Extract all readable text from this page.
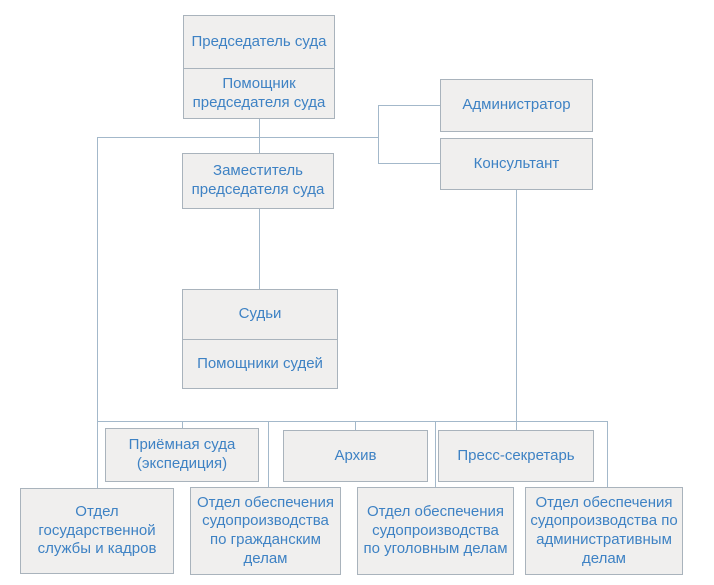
Председатель суда
Помощник председателя суда	Администратор
Консультант
Заместитель председателя суда
Судьи
Помощники судей
Приёмная суда (экспедиция)	Архив	Пресс-секретарь
Отдел государственной службы и кадров
Отдел обеспечения судопроизводства по гражданским делам
Отдел обеспечения судопроизводства по уголовным делам
Отдел обеспечения судопроизводства по административным делам
